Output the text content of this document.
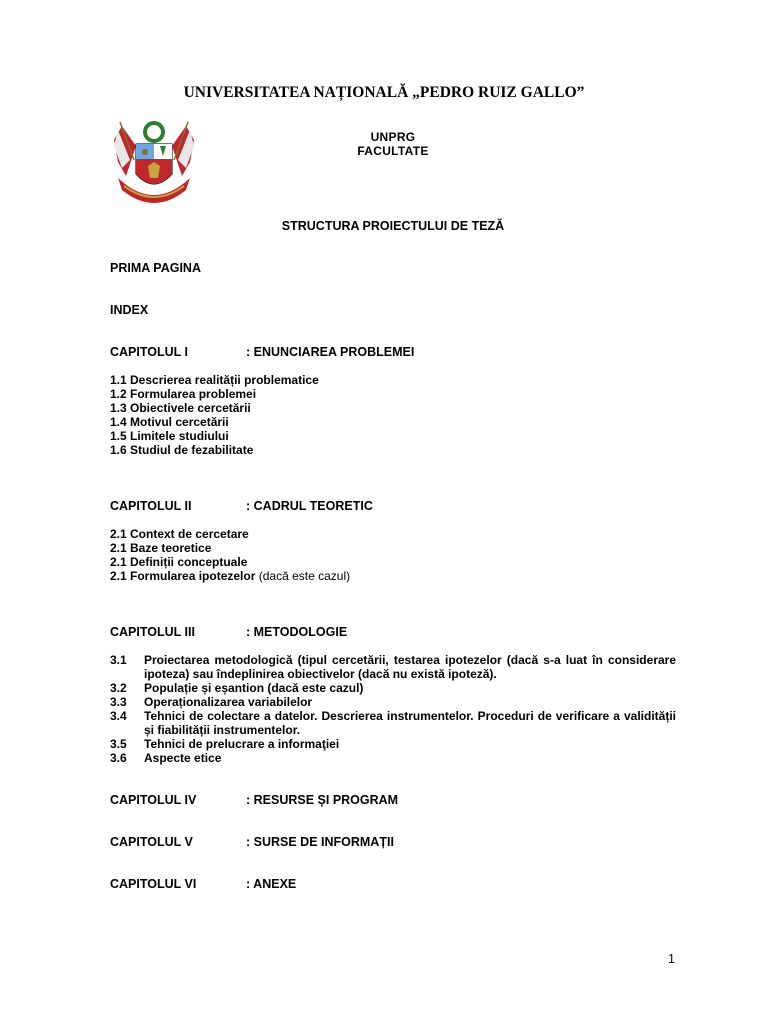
UNIVERSITATEA NAȚIONALĂ „PEDRO RUIZ GALLO”
UNPRG
FACULTATE
STRUCTURA PROIECTULUI DE TEZĂ
PRIMA PAGINA
INDEX
CAPITOLUL I	: ENUNCIAREA PROBLEMEI
1.1 Descrierea realității problematice
1.2 Formularea problemei
1.3 Obiectivele cercetării
1.4 Motivul cercetării
1.5 Limitele studiului
1.6 Studiul de fezabilitate
CAPITOLUL II	: CADRUL TEORETIC
2.1 Context de cercetare
2.1 Baze teoretice
2.1 Definiții conceptuale
2.1 Formularea ipotezelor (dacă este cazul)
CAPITOLUL III	: METODOLOGIE
3.1	Proiectarea metodologică (tipul cercetării, testarea ipotezelor (dacă s-a luat în considerare ipoteza) sau îndeplinirea obiectivelor (dacă nu există ipoteză).
3.2	Populație și eșantion (dacă este cazul)
3.3	Operaționalizarea variabilelor
3.4	Tehnici de colectare a datelor. Descrierea instrumentelor. Proceduri de verificare a validității și fiabilității instrumentelor.
3.5	Tehnici de prelucrare a informaţiei
3.6	Aspecte etice
CAPITOLUL IV	: RESURSE ȘI PROGRAM
CAPITOLUL V	: SURSE DE INFORMAȚII
CAPITOLUL VI	: ANEXE
1
